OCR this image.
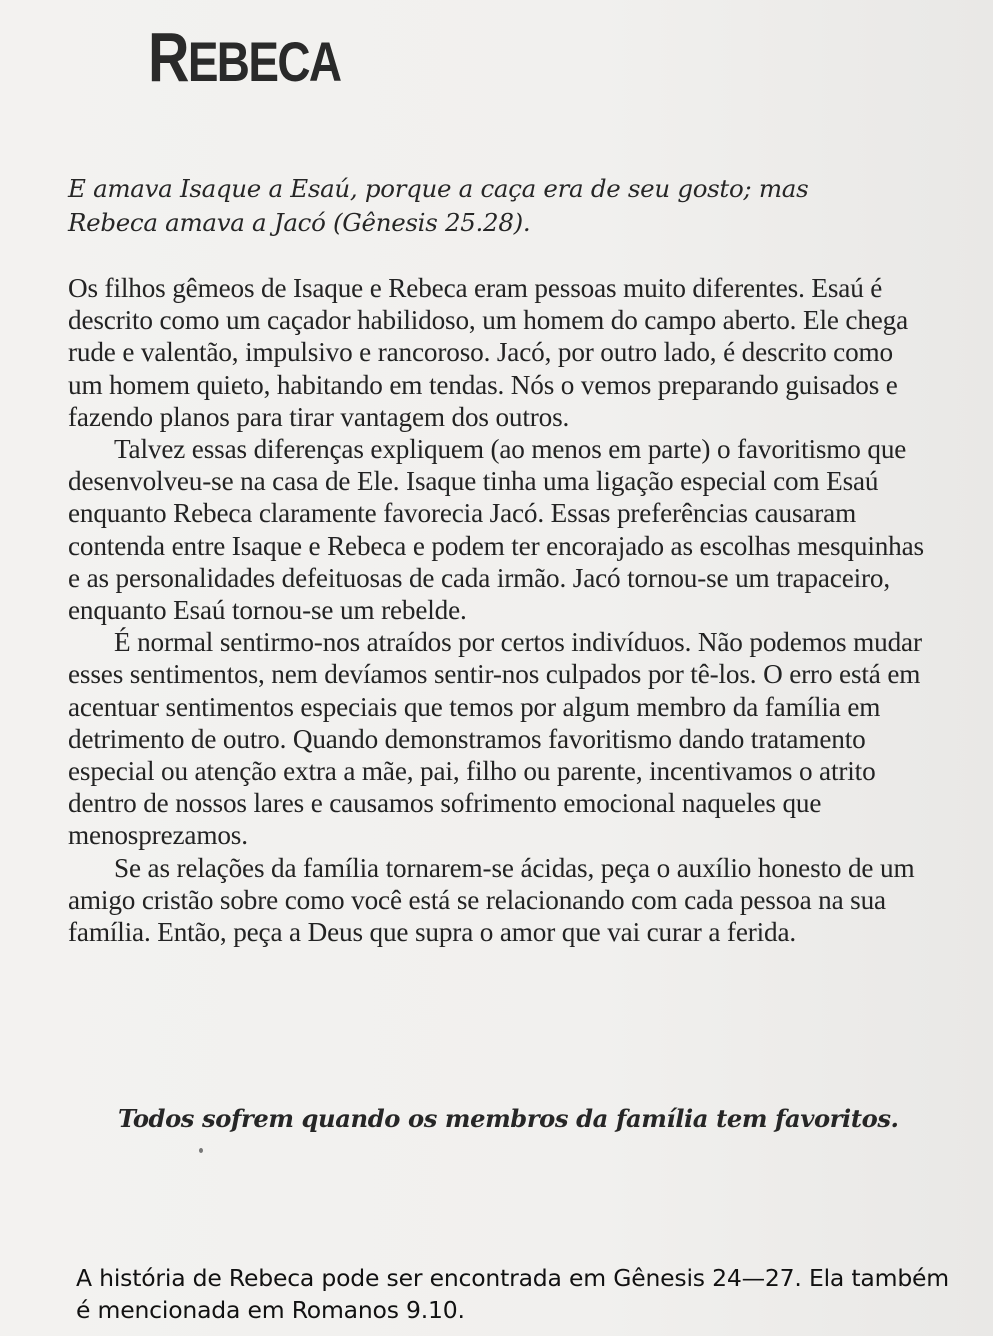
REBECA

E amava Isaque a Esaú, porque a caça era de seu gosto; mas Rebeca amava a Jacó (Gênesis 25.28).

Os filhos gêmeos de Isaque e Rebeca eram pessoas muito diferentes. Esaú é descrito como um caçador habilidoso, um homem do campo aberto. Ele chega rude e valentão, impulsivo e rancoroso. Jacó, por outro lado, é descrito como um homem quieto, habitando em tendas. Nós o vemos preparando guisados e fazendo planos para tirar vantagem dos outros.

Talvez essas diferenças expliquem (ao menos em parte) o favoritismo que desenvolveu-se na casa de Ele. Isaque tinha uma ligação especial com Esaú enquanto Rebeca claramente favorecia Jacó. Essas preferências causaram contenda entre Isaque e Rebeca e podem ter encorajado as escolhas mesquinhas e as personalidades defeituosas de cada irmão. Jacó tornou-se um trapaceiro, enquanto Esaú tornou-se um rebelde.

É normal sentirmo-nos atraídos por certos indivíduos. Não podemos mudar esses sentimentos, nem devíamos sentir-nos culpados por tê-los. O erro está em acentuar sentimentos especiais que temos por algum membro da família em detrimento de outro. Quando demonstramos favoritismo dando tratamento especial ou atenção extra a mãe, pai, filho ou parente, incentivamos o atrito dentro de nossos lares e causamos sofrimento emocional naqueles que menosprezamos.

Se as relações da família tornarem-se ácidas, peça o auxílio honesto de um amigo cristão sobre como você está se relacionando com cada pessoa na sua família. Então, peça a Deus que supra o amor que vai curar a ferida.

Todos sofrem quando os membros da família tem favoritos.

A história de Rebeca pode ser encontrada em Gênesis 24—27. Ela também é mencionada em Romanos 9.10.
